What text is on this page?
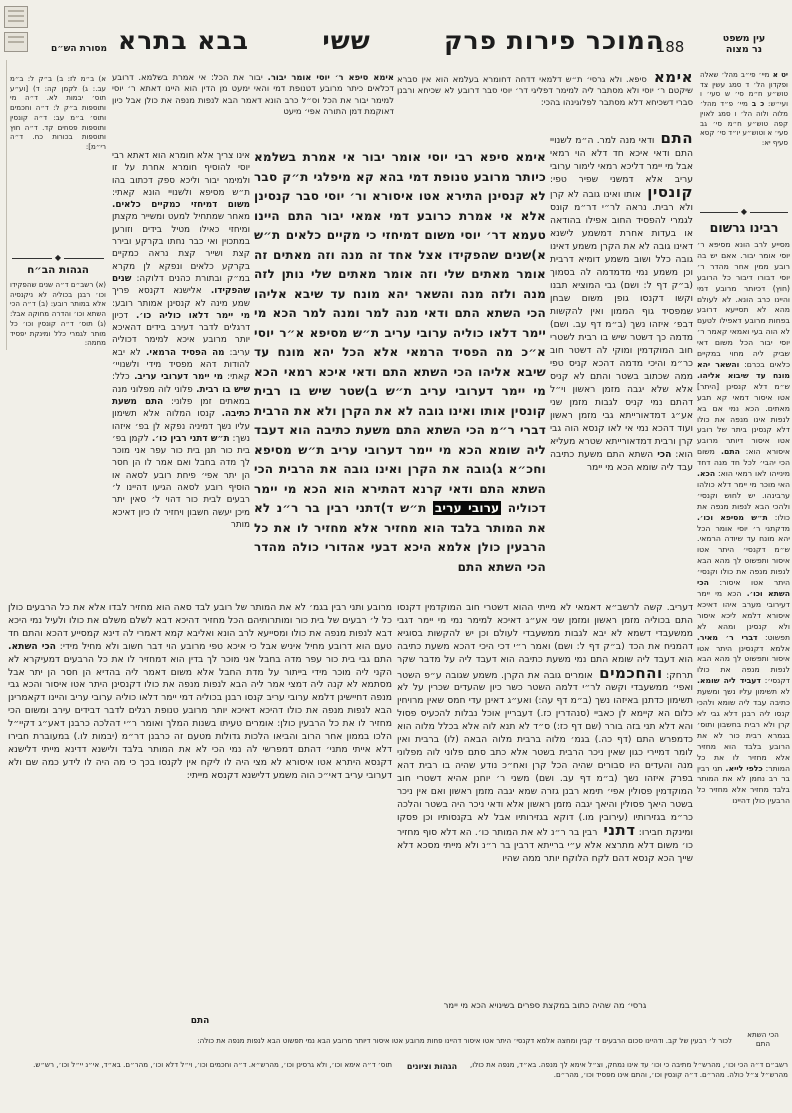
עין משפט
נר מצוה
188
המוכר פירות פרק
ששי
בבא בתרא
מסורת הש״ם
יט א מיי׳ פי״ב מהל׳ שאלה ופקדון הל׳ ד סמג עשין צד טוש״ע ח״מ סי׳ ש סעי׳ ו ועי״ש: כ ב מיי׳ פ״ד מהל׳ מלוה ולוה הל׳ ו סמג לאוין קפה טוש״ע ח״מ סי׳ גב סעי׳ א וטוש״ע יו״ד סי׳ קסא סעיף יא:
◆
רבינו גרשום
מסייע לרב הונא מסיפא ר׳ יוסי אומר יבור. אאם יש בה רובע ממין אחר מהדר ר׳ יוסי דבורו דיבור כל הרובע (חוץ) דכיותר מרובע דמי והיינו כרב הונא. לא לעולם מהא לא תסייעא דרובע בפחות מרובע דאפילו לטעם לא הוה בעי ואמאי קאמר ר׳ יוסי יבור הכל משום דאי שביק ליה מחוי במקיים כלאים בכרם: והשאר יהא מונח עד שיבוא אליהו. ש״מ דלא קנסינן [היתר] אטו איסור דמאי קא תבע מאתים. הכא נמי אם בא לנפות אינו מנפה את כולו דלא קנסינן ביתר של רובע אטו איסור דיותר מרובע איסורא הוא: התם. משום הכי יהבי׳ לכל חד מנה דחד מינייהו לאו רמאי הוא: הכא. האי מוכר מי יימר דלא כולהו ערבינהו. יש לחוש וקנסי׳ ולהכי הבא לנפות מנפה את כולו: ת״ש מסיפא וכו׳. מדקתני ר׳ יוסי אומר הכל יהא מונח עד שיודה הרמאי. ש״מ דקנסי׳ היתר אטו איסור ותפשוט לך מהא הבא לנפות מנפה את כולו וקנסי׳ היתר אטו איסור: הכי השתא וכו׳. הכא מי יימר דעירובי מערב איהו דאיכא איסורא דלמא ליכא איסור ולא קנסינן ומהא לא תפשוט: דברי ר׳ מאיר. אלמא דקנסינן היתר אטו איסור ותפשוט לך מהא הבא לנפות מנפה את כולו דקנסי׳: דעביד ליה שומא. לא תשימון עליו נשך ומשעת כתיבה עבד ליה שומא ולהכי קנסו ליה רבנן דלא גבי לא קרן ולא רבית בחשבון ותוס׳ בגמרא רבית כור לא את הרובע בלבד הוא מחזיר אלא מחזיר לו את כל המותר: כלפי לייא. תני רבין בר רב נחמן לא את המותר בלבד מחזיר אלא מחזיר כל הרבעין כולן דהיינו
הכי השתא
התם
לכור ל׳ רבעין של קב. ודהיינו סכום הרבעים ז׳ קבין ומחצה אלמא דקנסי׳ היתר אטו איסור דהיינו פחות מרובע אטו איסור דיותר מרובע הבא נמי תפשוט הבא לנפות מנפה את כולה:
א) ב״מ לז: ב) ב״ק ל: ב״מ עב.: ג) לקמן קה: ד) [וע״ע תוס׳ יבמות לא. ד״ה מי ותוספות ב״ק ל: ד״ה וחכמים ותוס׳ ב״מ עב: ד״ה קונסין ותוספות פסחים קד. ד״ה חוץ ותוספות בכורות כח. ד״ה רי״מ]:
◆
הגהות הב״ח
(א) רשב״ם ד״ה שנים שהפקידו וכו׳ רבנן בכוליה לא ניקנסיה אלא במותר רובע: (ב) ד״ה הכי השתא וכו׳ והדרה מחוקה אבל: (ג) תוס׳ ד״ה קונסין וכו׳ כל מותר לגמרי כלל ומינקת יפסיד מחמה:
אימא סיפא ר׳ יוסי אומר יבור. יבור את הכל: אי אמרת בשלמא. דרובע דכלאים כיתר מרובע דטנופת דמי והאי ימעט מן הדין הוא היינו דאתא ר׳ יוסי למימר יבור את הכל וס״ל כרב הונא דאמר הבא לנפות מנפה את כולן אבל כיון דאוקמת דמן התורה אפי׳ מיעט
אינו צריך אלא חומרא הוא דאתא רבי יוסי להוסיף חומרא אחרת על זו ולמימר יבור וליכא ספק דכתוב בהו ת״ש מסיפא ולשנויי הונא קאתי: משום דמיחזי כמקיים כלאים. מאחר שמתחיל למעט ומשייר מקצתן ומיחזי כאילו מטיל בידים וזורען במתכוין ואי כבר נחתו בקרקע ובירר קצת ושייר קצת נראה כמקיים בקרקע כלאים ונפקא לן מקרא במ״ק ובתורת כהנים דלוקה: שנים שהפקידו. אלישנא דקנסא פריך שמע מינה לא קנסינן אמותר רובע: מי יימר דלאו כוליה כו׳. דכיון דרגלים לדבר דעירב בידים דהאיכא יותר מרובע איכא למימר דכוליה עריב: מה הפסיד הרמאי. לא יבא להודות דהא מפסיד מידי ולשנויי׳ קאתי: מי יימר דערובי עריב. כלל: שיש בו רבית. פלוני לוה מפלוני מנה במאתים זמן פלוני: התם משעת כתיבה. קנסו המלוה אלא תשימון עליו נשך דמיניה נפקא לן בפ׳ איזהו נשך: ת״ש דתני רבין כו׳. לקמן בפ׳ בית כור תנן בית כור עפר אני מוכר לך מדה בחבל ואם אמר לו הן חסר הן יתר אפי׳ פיחת רובע לסאה או הוסיף רובע לסאה הגיעו דהיינו ל׳ רבעים לבית כור דהוי ל׳ סאין יתר מיכן יעשה חשבון ויחזיר לו כיון דאיכא מותר
מרובע ותני רבין בגמ׳ לא את המותר של רובע לבד סאה הוא מחזיר לבדו אלא את כל הרבעים כולן כל ל׳ רבעים של בית כור ומותרותיהם הכל מחזיר דהיכא דבא לשלם משלם את כולו ולעיל נמי היכא דבא לנפות מנפה את כולו ומסייעא לרב הונא ואליבא קמא דאמרי לה דינא קמסייע דהכא והתם חד טעם הוא דרובע מחיל איניש אבל כי איכא טפי מרובע הוי דבר חשוב ולא מחיל מידי: הכי השתא. התם גבי בית כור עפר מדה בחבל אני מוכר לך בדין הוא דמחזיר לו את כל הרבעים דמעיקרא לא הקני ליה מוכר מידי בייתור על מדת החבל אלא משום דאמר ליה בהדיא הן חסר הן יתר אבל מסתמא לא קנה ליה דמצי אמר ליה הבא לנפות מנפה את כולו דקנסינן היתר אטו איסור והכא גבי מנפה דחיישינן דלמא ערובי עריב קנסו רבנן בכוליה דמי יימר דלאו כוליה ערובי עריב והיינו דקאמרינן הבא לנפות מנפה את כולו דהיכא דאיכא יותר מרובע טנופת רגלים לדבר דבידים עירב ומשום הכי מחזיר לו את כל הרבעין כולן: אומרים טעיתו בשנות המלך ואומר ר״י דהלכה כרבנן דאע״ג דקיי״ל הלכו בממון אחר הרוב והביאו הלכות גדולות מטעם זה כרבנן דר״מ (יבמות לו.) במעוברת חבירו דלא אייתי מתני׳ דהתם דמפרשי לה נמי הכי לא את המותר בלבד ולישנא דדינא מייתי דלישנא דקנסא היתרא אטו איסורא לא מצי היה לו ליקח אין לקנסו בכך כי מה היה לו לידע כמה שם ולא דערובי עריב דאי״כ הוה משמע דלישנא דקנסא מייתי:
התם
אימא סיפא רבי יוסי אומר יבור אי אמרת בשלמא כיותר מרובע טנופת דמי בהא קא מיפלגי ת״ק סבר לא קנסינן התירא אטו איסורא ור׳ יוסי סבר קנסינן אלא אי אמרת כרובע דמי אמאי יבור התם היינו טעמא דר׳ יוסי משום דמיחזי כי מקיים כלאים ת״ש א)שנים שהפקידו אצל אחד זה מנה וזה מאתים זה אומר מאתים שלי וזה אומר מאתים שלי נותן לזה מנה ולזה מנה והשאר יהא מונח עד שיבא אליהו הכי השתא התם ודאי מנה למר ומנה למר הכא מי יימר דלאו כוליה ערובי עריב ת״ש מסיפא א״ר יוסי א״כ מה הפסיד הרמאי אלא הכל יהא מונח עד שיבא אליהו הכי השתא התם ודאי איכא רמאי הכא מי יימר דערובי עריב ת״ש ב)שטר שיש בו רבית קונסין אותו ואינו גובה לא את הקרן ולא את הרבית דברי ר״מ הכי השתא התם משעת כתיבה הוא דעבד ליה שומא הכא מי יימר דערובי עריב ת״ש מסיפא וחכ״א ג)גובה את הקרן ואינו גובה את הרבית הכי השתא התם ודאי קרנא דהתירא הוא הכא מי יימר דכוליה ערובי עריב ת״ש ד)דתני רבין בר ר״נ לא את המותר בלבד הוא מחזיר אלא מחזיר לו את כל הרבעין כולן אלמא היכא דבעי אהדורי כולה מהדר הכי השתא התם
אימא סיפא. ולא גרסי׳ ת״ש דלמאי דדחה דחומרא בעלמא הוא אין סברא שיקטם ר׳ יוסי ולא מסתבר ליה למימר דפליגי דר׳ יוסי סבר דרובע לא שכיחא ורבנן סברי דשכיחא דלא מסתבר לפלוגינהו בהכי:
התם ודאי מנה למר. ה״מ לשנויי התם ודאי איכא חד דלא הוי רמאי אבל מי יימר דליכא רמאי לימור ערובי עריב אלא דמשני שפיר טפי: קונסין אותו ואינו גובה לא קרן ולא רבית. נראה לר״י דר״מ קונס לגמרי להפסיד החוב אפילו בהודאה או בעדות אחרת דמשמע לישנא דאינו גובה לא את הקרן משמע דאינו גובה כלל ושוב משמע דומיא דרבית וכן משמע נמי מדמדמה לה בסמוך (ב״ק דף ל: ושם) גבי המוציא תבנו וקשו דקנסו גופן משום שבחן שמפסיד גוף הממון ואין להקשות דבפ׳ איזהו נשך (ב״מ דף עב. ושם) מדמה כך דשטר שיש בו רבית לשטרי חוב המוקדמין ומוקי לה דשטר חוב כר״מ והיכי מדמה דהכא קניס טפי ממה שכתוב בשטר והתם לא קניס אלא שלא יגבה מזמן ראשון וי״ל דהתם נמי קניס לגבות מזמן שני אע״ג דמדאורייתא גבי מזמן ראשון ועוד דהכא נמי אי לאו קנסא הוה גבי קרן ורבית דמדאורייתא שטרא מעליא הוא: הכי השתא התם משעת כתיבה עבד ליה שומא הכא מי יימר
דעריב. קשה לרשב״א דאמאי לא מייתי ההוא דשטרי חוב המוקדמין דקנסו התם בכוליה מזמן ראשון ומזמן שני אע״ג דאיכא למימר נמי מי יימר דגבי ממשעבדי דשמא לא יבא לגבות ממשעבדי לעולם וכן יש להקשות בסוגיא דהמניח את הכד (ב״ק דף ל: ושם) ואמר ר״י דכי היכי דהכא משעת כתיבה הוא דעבד ליה שומא התם נמי משעת כתיבה הוא דעבד ליה על מדבר שקר תרחק: והחכמים אומרים גובה את הקרן. משמע שגובה ע״פ השטר ואפי׳ ממשעבדי וקשה לר״י דלמה השטר כשר כיון שהעדים שכרין על לא תשימון כדתנן באיזהו נשך (ב״מ דף עה:) ואע״ג דאינן עדי חמס שאין מרויחין כלום הא קיימא לן כאביי (סנהדרין כז.) דעבריין אוכל נבלות להכעיס פסול והא דלא תני בזה בורר (שם דף כז:) ס״ד לא תנא לוה אלא בכלל מלוה הוא כדמפרש התם (דף כה.) בגמ׳ מלוה ברבית מלוה הבאה (לו) ברבית ואין לומר דמיירי כגון שאין ניכר הרבית בשטר אלא כתב סתם פלוני לוה מפלוני מנה והעדים היו סבורים שהיה הכל קרן ואח״כ נודע שהיה בו רבית דהא בפרק איזהו נשך (ב״מ דף עב. ושם) משני ר׳ יוחנן אהיא דשטרי חוב המוקדמין פסולין אפי׳ תימא רבנן גזרה שמא יגבה מזמן ראשון ואם אין ניכר בשטר היאך פסולין והיאך יגבה מזמן ראשון אלא ודאי ניכר היה בשטר והלכה כר״מ בגזירותיו (עירובין מו.) דוקא בגזירותיו אבל לא בקנסותיו וכן פסקו ומינקת חבירו: דתני רבין בר ר״נ לא את המותר כו׳. הא דלא סוף מחזיר כו׳ משום דלא מתרצא אלא ע״י ברייתא דרבין בר ר״נ ולא מייתי מסכא דלא שייך הכא קנסא דהם לקח הלוקח יותר ממה שהיו
גרסי׳ מה שהיה כתוב במקצת ספרים בשינויא הכא מי יימר
הגהות וציונים	רשב״ם ד״ה הכי וכו׳, מהרש״ל מתיבה כי וכו׳ עד אינו נמחק, וצ״ל אימא לך מנפה. בא״ד, מנפה את כולו, מהרש״ל צ״ל כולה. מהר״ם. ד״ה קונסין וכו׳, והתם אינו מפסיד וכו׳, מהר״ם.
תוס׳ ד״ה אימא וכו׳, ולא גרסינן וכו׳, מהרש״א. ד״ה וחכמים וכו׳, וי״ל דלא וכו׳, מהר״ם. בא״ד, אי״נ יי״ל וכו׳, רש״ש.
